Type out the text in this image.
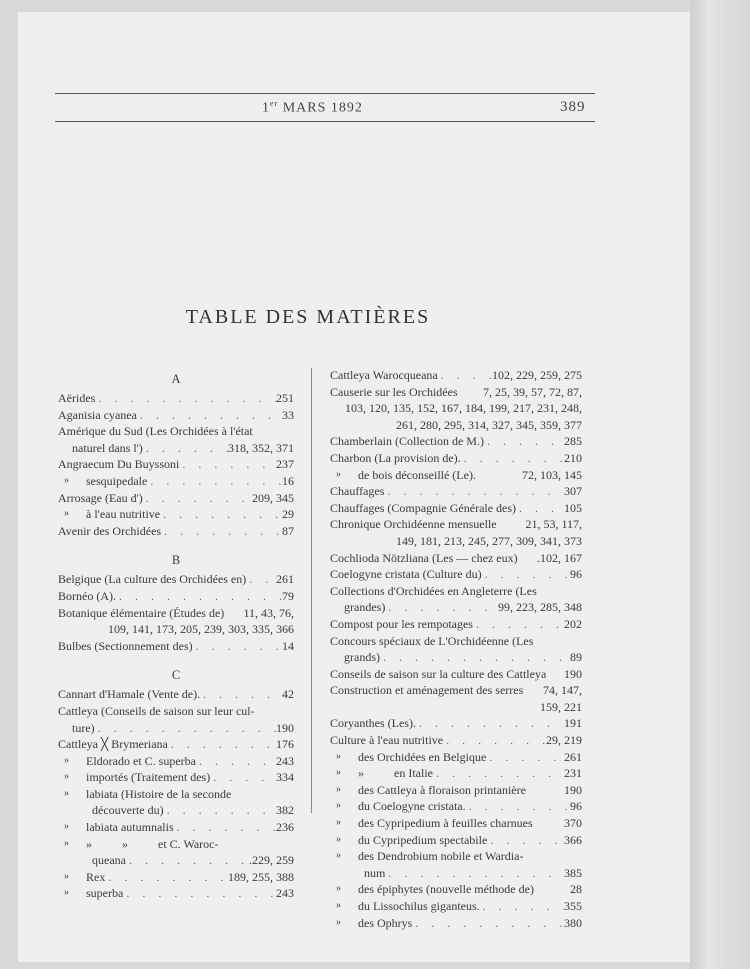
1er MARS 1892	389
TABLE DES MATIÈRES
A
Aërides . . .	251
Aganisia cyanea . . .	33
Amérique du Sud (Les Orchidées à l'état
naturel dans l') . . .	318, 352, 371
Angraecum Du Buyssoni . . .	237
»	sesquipedale . . .	16
Arrosage (Eau d') . . .	209, 345
»	à l'eau nutritive . . .	29
Avenir des Orchidées . . .	87
B
Belgique (La culture des Orchidées en) . . . 261
Bornéo (A). . . .	79
Botanique élémentaire (Études de) 11, 43, 76,
109, 141, 173, 205, 239, 303, 335, 366
Bulbes (Sectionnement des) . . .	14
C
Cannart d'Hamale (Vente de). . . .	42
Cattleya (Conseils de saison sur leur cul-
ture) . . .	190
Cattleya ╳ Brymeriana . . .	176
»	Eldorado et C. superba . . .	243
»	importés (Traitement des) . . .	334
»	labiata (Histoire de la seconde
découverte du) . . .	382
»	labiata autumnalis . . .	236
»	»          »          et C. Waroc-
queana . . .	.229, 259
»	Rex . . .	189, 255, 388
»	superba . . .	243
Cattleya Warocqueana . . .	102, 229, 259, 275
Causerie sur les Orchidées 7, 25, 39, 57, 72, 87,
103, 120, 135, 152, 167, 184, 199, 217, 231, 248,
261, 280, 295, 314, 327, 345, 359, 377
Chamberlain (Collection de M.) . . .	285
Charbon (La provision de). . . .	210
»	de bois déconseillé (Le).	72, 103, 145
Chauffages . . .	307
Chauffages (Compagnie Générale des) . . .	105
Chronique Orchidéenne mensuelle 21, 53, 117,
149, 181, 213, 245, 277, 309, 341, 373
Cochlioda Nötzliana (Les — chez eux) .102, 167
Coelogyne cristata (Culture du) . . .	96
Collections d'Orchidées en Angleterre (Les
grandes) . . .	99, 223, 285, 348
Compost pour les rempotages . . .	202
Concours spéciaux de L'Orchidéenne (Les
grands) . . .	89
Conseils de saison sur la culture des Cattleya 190
Construction et aménagement des serres 74, 147,
159, 221
Coryanthes (Les). . . .	191
Culture à l'eau nutritive . . .	29, 219
»	des Orchidées en Belgique . . .	261
»	»          en Italie . . .	231
»	des Cattleya à floraison printanière	190
»	du Coelogyne cristata. . . .	96
»	des Cypripedium à feuilles charnues	370
»	du Cypripedium spectabile . . .	366
»	des Dendrobium nobile et Wardia-
num . . .	385
»	des épiphytes (nouvelle méthode de)	28
»	du Lissochilus giganteus. . . .	355
»	des Ophrys . . .	380
